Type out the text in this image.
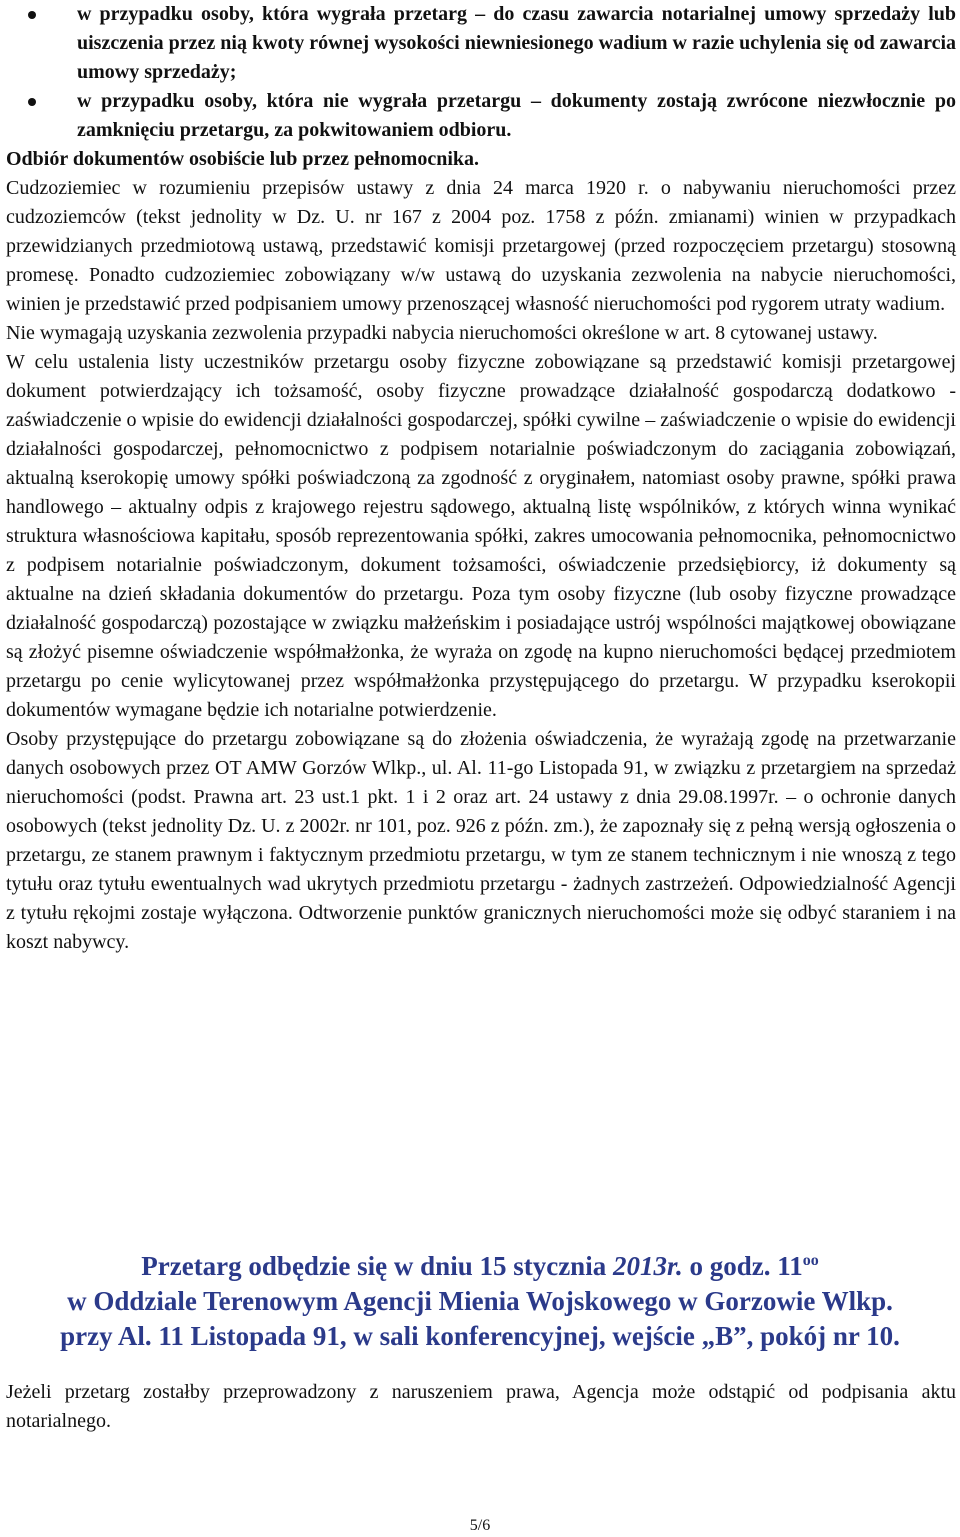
w przypadku osoby, która wygrała przetarg – do czasu zawarcia notarialnej umowy sprzedaży lub uiszczenia przez nią kwoty równej wysokości niewniesionego wadium w razie uchylenia się od zawarcia umowy sprzedaży;
w przypadku osoby, która nie wygrała przetargu – dokumenty zostają zwrócone niezwłocznie po zamknięciu przetargu, za pokwitowaniem odbioru.

Odbiór dokumentów osobiście lub przez pełnomocnika.

Cudzoziemiec w rozumieniu przepisów ustawy z dnia 24 marca 1920 r. o nabywaniu nieruchomości przez cudzoziemców (tekst jednolity w Dz. U. nr 167 z 2004 poz. 1758 z późn. zmianami) winien w przypadkach przewidzianych przedmiotową ustawą, przedstawić komisji przetargowej (przed rozpoczęciem przetargu) stosowną promesę. Ponadto cudzoziemiec zobowiązany w/w ustawą do uzyskania zezwolenia na nabycie nieruchomości, winien je przedstawić przed podpisaniem umowy przenoszącej własność nieruchomości pod rygorem utraty wadium.

Nie wymagają uzyskania zezwolenia przypadki nabycia nieruchomości określone w art. 8 cytowanej ustawy.

W celu ustalenia listy uczestników przetargu osoby fizyczne zobowiązane są przedstawić komisji przetargowej dokument potwierdzający ich tożsamość, osoby fizyczne prowadzące działalność gospodarczą dodatkowo - zaświadczenie o wpisie do ewidencji działalności gospodarczej, spółki cywilne – zaświadczenie o wpisie do ewidencji działalności gospodarczej, pełnomocnictwo z podpisem notarialnie poświadczonym do zaciągania zobowiązań, aktualną kserokopię umowy spółki poświadczoną za zgodność z oryginałem, natomiast osoby prawne, spółki prawa handlowego – aktualny odpis z krajowego rejestru sądowego, aktualną listę wspólników, z których winna wynikać struktura własnościowa kapitału, sposób reprezentowania spółki, zakres umocowania pełnomocnika, pełnomocnictwo z podpisem notarialnie poświadczonym, dokument tożsamości, oświadczenie przedsiębiorcy, iż dokumenty są aktualne na dzień składania dokumentów do przetargu. Poza tym osoby fizyczne (lub osoby fizyczne prowadzące działalność gospodarczą) pozostające w związku małżeńskim i posiadające ustrój wspólności majątkowej obowiązane są złożyć pisemne oświadczenie współmałżonka, że wyraża on zgodę na kupno nieruchomości będącej przedmiotem przetargu po cenie wylicytowanej przez współmałżonka przystępującego do przetargu. W przypadku kserokopii dokumentów wymagane będzie ich notarialne potwierdzenie.

Osoby przystępujące do przetargu zobowiązane są do złożenia oświadczenia, że wyrażają zgodę na przetwarzanie danych osobowych przez OT AMW Gorzów Wlkp., ul. Al. 11-go Listopada 91, w związku z przetargiem na sprzedaż nieruchomości (podst. Prawna art. 23 ust.1 pkt. 1 i 2 oraz art. 24 ustawy z dnia 29.08.1997r. – o ochronie danych osobowych (tekst jednolity Dz. U. z 2002r. nr 101, poz. 926 z późn. zm.), że zapoznały się z pełną wersją ogłoszenia o przetargu, ze stanem prawnym i faktycznym przedmiotu przetargu, w tym ze stanem technicznym i nie wnoszą z tego tytułu oraz tytułu ewentualnych wad ukrytych przedmiotu przetargu - żadnych zastrzeżeń. Odpowiedzialność Agencji z tytułu rękojmi zostaje wyłączona. Odtworzenie punktów granicznych nieruchomości może się odbyć staraniem i na koszt nabywcy.

Przetarg odbędzie się w dniu 15 stycznia 2013r. o godz. $11^{oo}$
w Oddziale Terenowym Agencji Mienia Wojskowego w Gorzowie Wlkp.
przy Al. 11 Listopada 91, w sali konferencyjnej, wejście „B”, pokój nr 10.

Jeżeli przetarg zostałby przeprowadzony z naruszeniem prawa, Agencja może odstąpić od podpisania aktu notarialnego.

5/6
